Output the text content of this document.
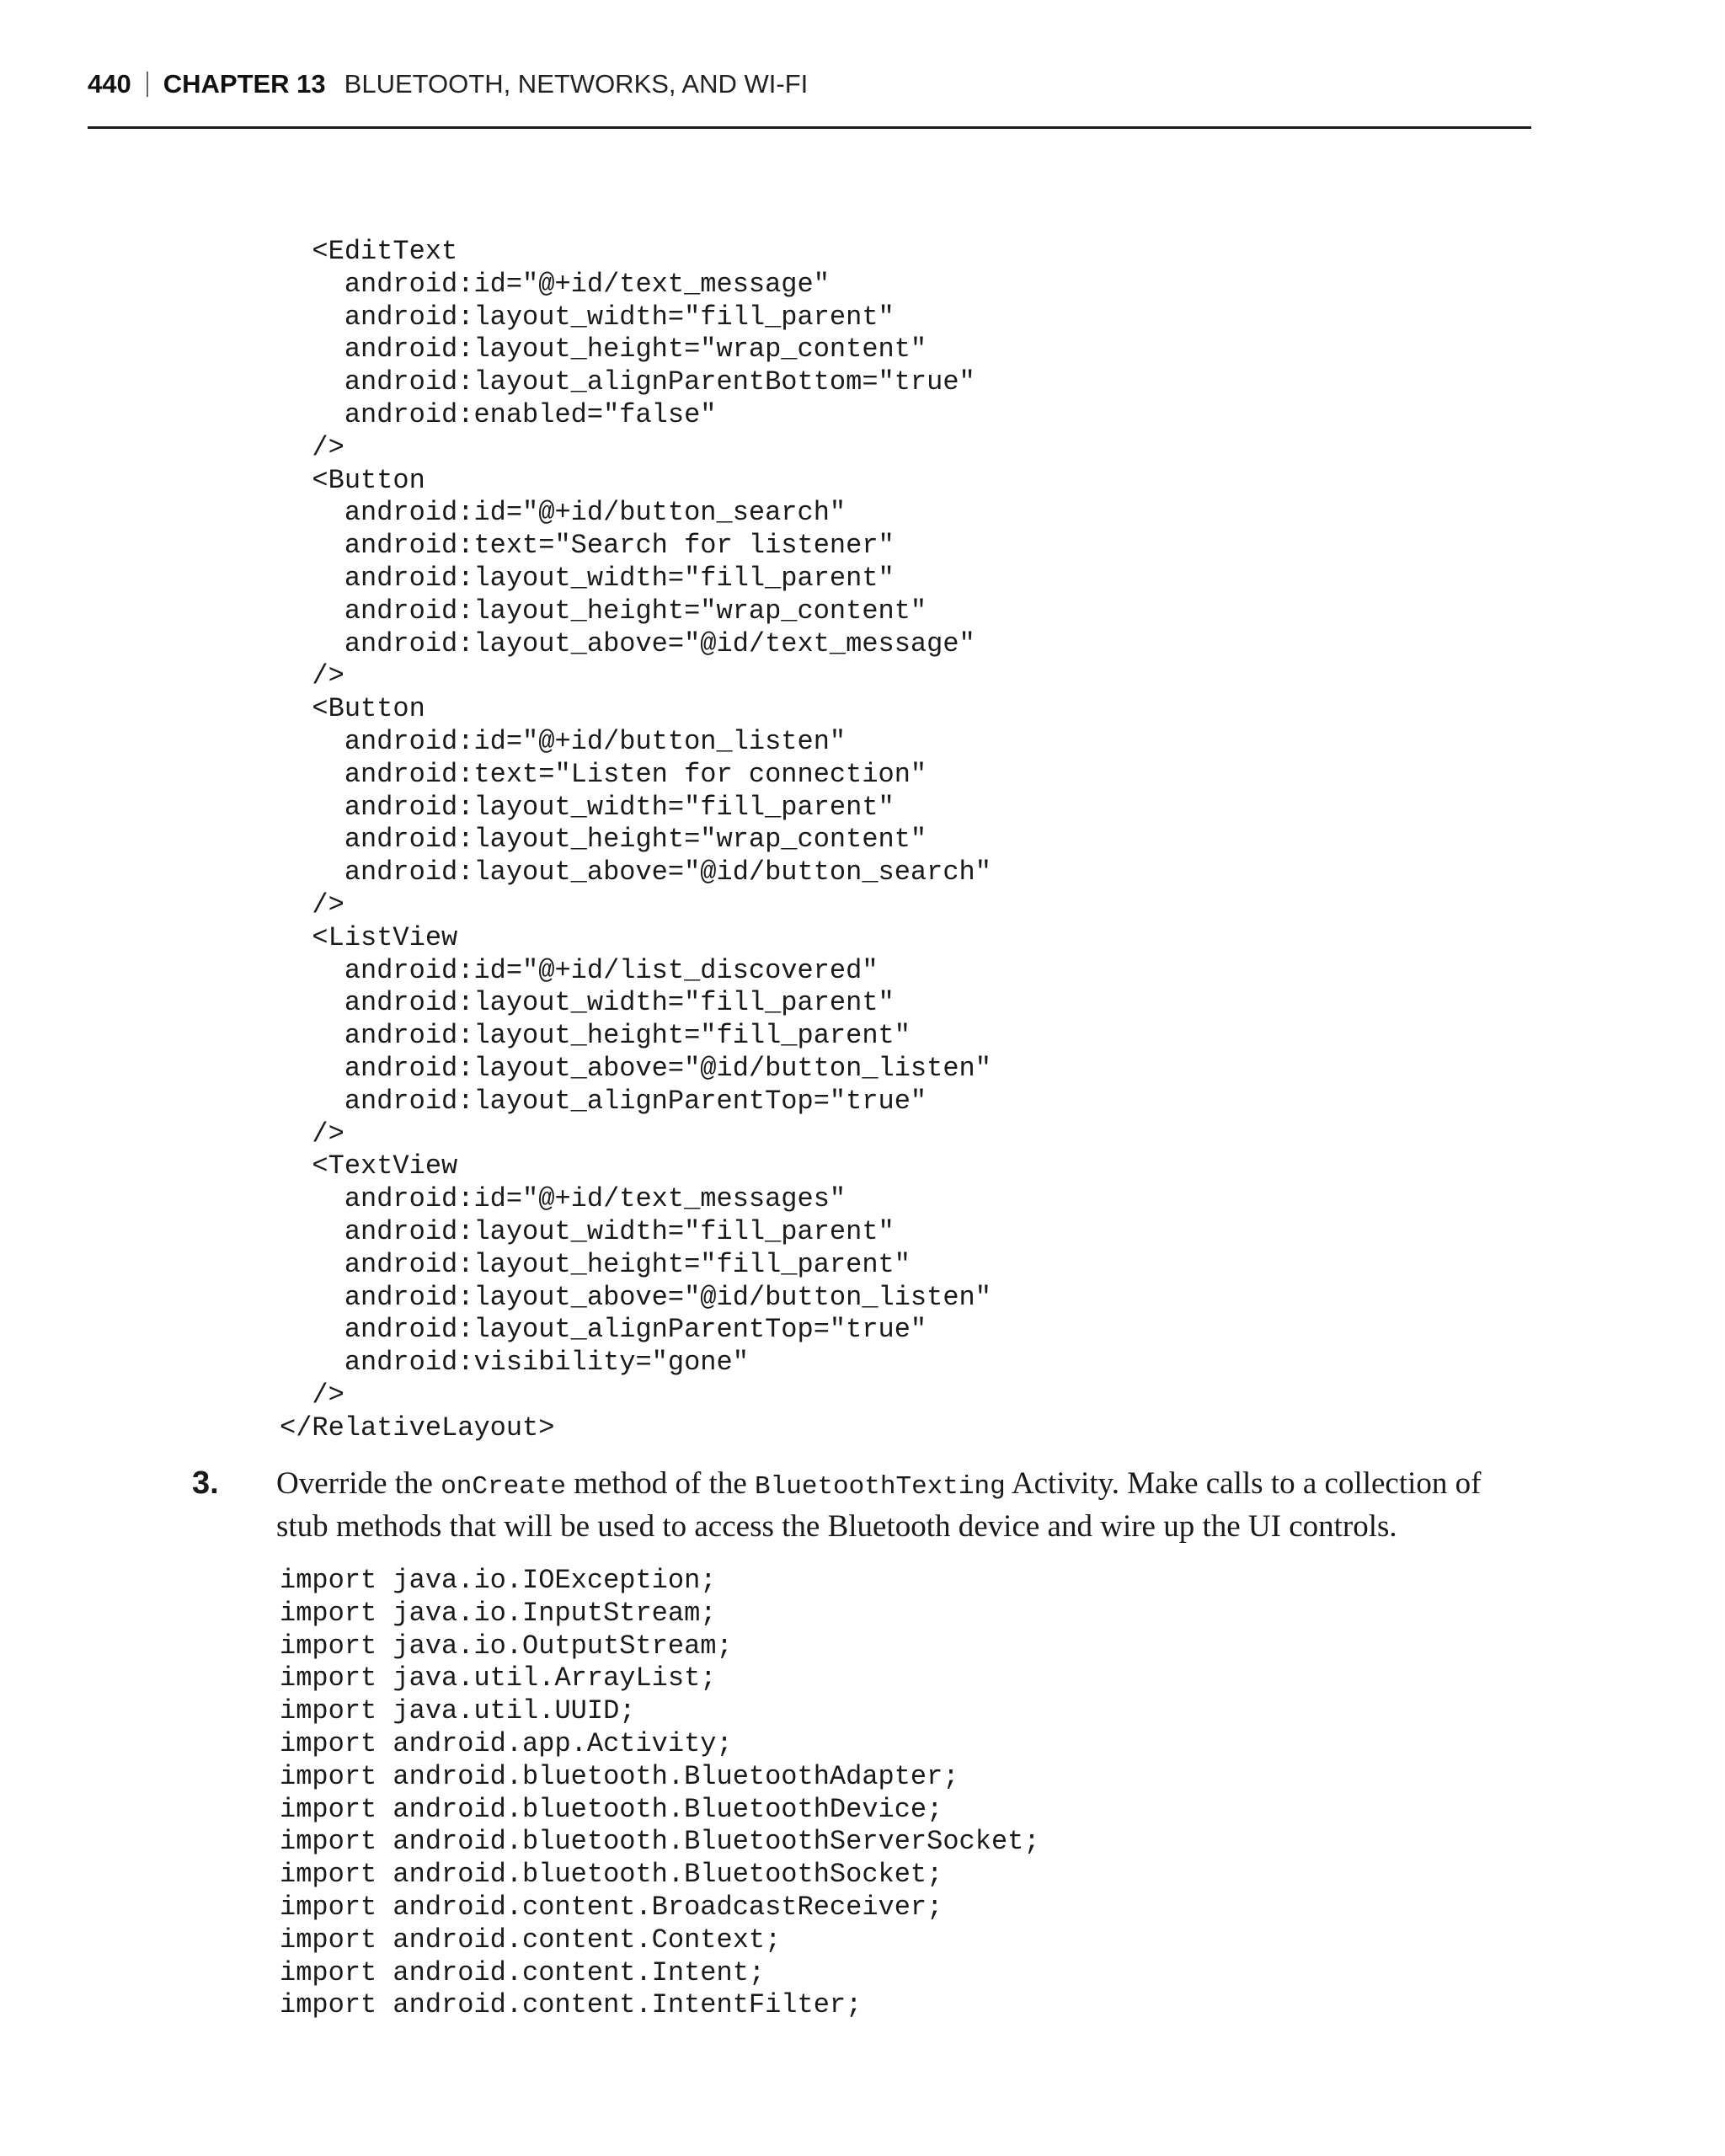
440 CHAPTER 13 BLUETOOTH, NETWORKS, AND WI-FI
<EditText
android:id="@+id/text_message"
android:layout_width="fill_parent"
android:layout_height="wrap_content"
android:layout_alignParentBottom="true"
android:enabled="false"
/>
<Button
android:id="@+id/button_search"
android:text="Search for listener"
android:layout_width="fill_parent"
android:layout_height="wrap_content"
android:layout_above="@id/text_message"
/>
<Button
android:id="@+id/button_listen"
android:text="Listen for connection"
android:layout_width="fill_parent"
android:layout_height="wrap_content"
android:layout_above="@id/button_search"
/>
<ListView
android:id="@+id/list_discovered"
android:layout_width="fill_parent"
android:layout_height="fill_parent"
android:layout_above="@id/button_listen"
android:layout_alignParentTop="true"
/>
<TextView
android:id="@+id/text_messages"
android:layout_width="fill_parent"
android:layout_height="fill_parent"
android:layout_above="@id/button_listen"
android:layout_alignParentTop="true"
android:visibility="gone"
/>
</RelativeLayout>
3. Override the onCreate method of the BluetoothTexting Activity. Make calls to a collection of stub methods that will be used to access the Bluetooth device and wire up the UI controls.
import java.io.IOException;
import java.io.InputStream;
import java.io.OutputStream;
import java.util.ArrayList;
import java.util.UUID;
import android.app.Activity;
import android.bluetooth.BluetoothAdapter;
import android.bluetooth.BluetoothDevice;
import android.bluetooth.BluetoothServerSocket;
import android.bluetooth.BluetoothSocket;
import android.content.BroadcastReceiver;
import android.content.Context;
import android.content.Intent;
import android.content.IntentFilter;
